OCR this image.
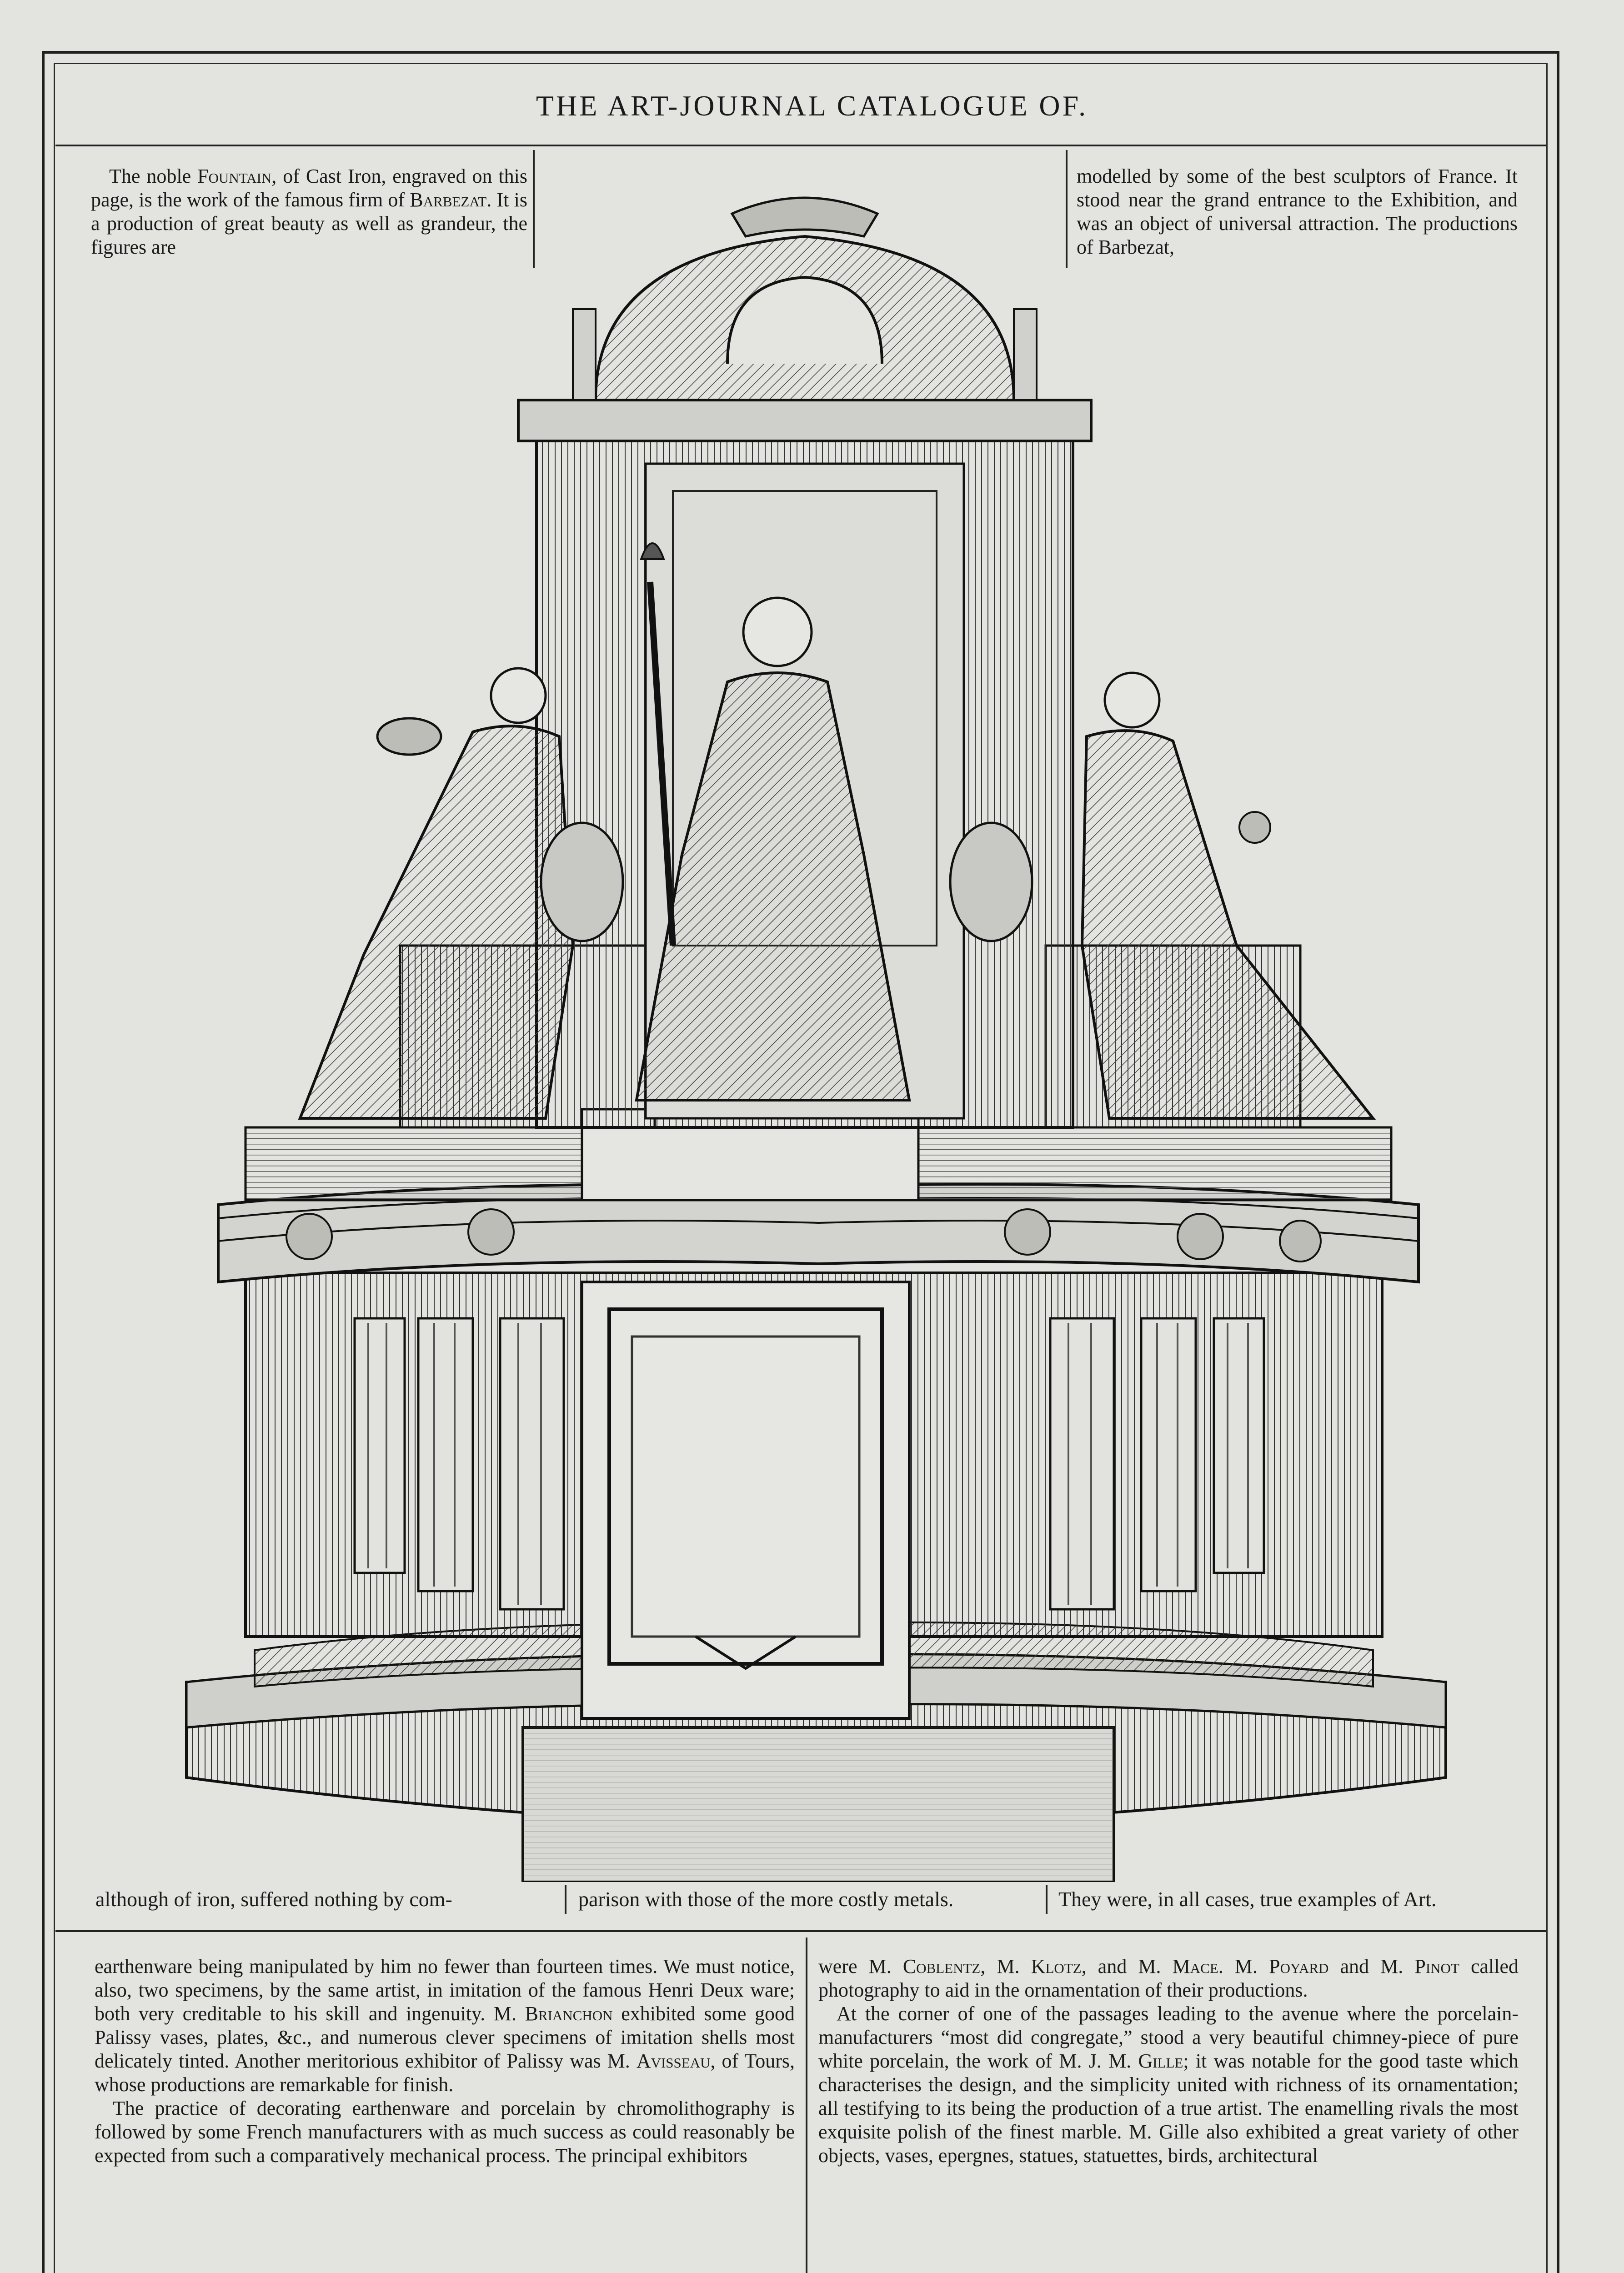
THE ART-JOURNAL CATALOGUE OF.

The noble Fountain, of Cast Iron, engraved on this page, is the work of the famous firm of Barbezat. It is a production of great beauty as well as grandeur, the figures are

modelled by some of the best sculptors of France. It stood near the grand entrance to the Exhibition, and was an object of universal attraction. The productions of Barbezat,

although of iron, suffered nothing by com-	parison with those of the more costly metals.	They were, in all cases, true examples of Art.

earthenware being manipulated by him no fewer than fourteen times. We must notice, also, two specimens, by the same artist, in imitation of the famous Henri Deux ware; both very creditable to his skill and ingenuity. M. Brianchon exhibited some good Palissy vases, plates, &c., and numerous clever specimens of imitation shells most delicately tinted. Another meritorious exhibitor of Palissy was M. Avisseau, of Tours, whose productions are remarkable for finish.

The practice of decorating earthenware and porcelain by chromolithography is followed by some French manufacturers with as much success as could reasonably be expected from such a comparatively mechanical process. The principal exhibitors

were M. Coblentz, M. Klotz, and M. Mace. M. Poyard and M. Pinot called photography to aid in the ornamentation of their productions.

At the corner of one of the passages leading to the avenue where the porcelain-manufacturers “most did congregate,” stood a very beautiful chimney-piece of pure white porcelain, the work of M. J. M. Gille; it was notable for the good taste which characterises the design, and the simplicity united with richness of its ornamentation; all testifying to its being the production of a true artist. The enamelling rivals the most exquisite polish of the finest marble. M. Gille also exhibited a great variety of other objects, vases, epergnes, statues, statuettes, birds, architectural
